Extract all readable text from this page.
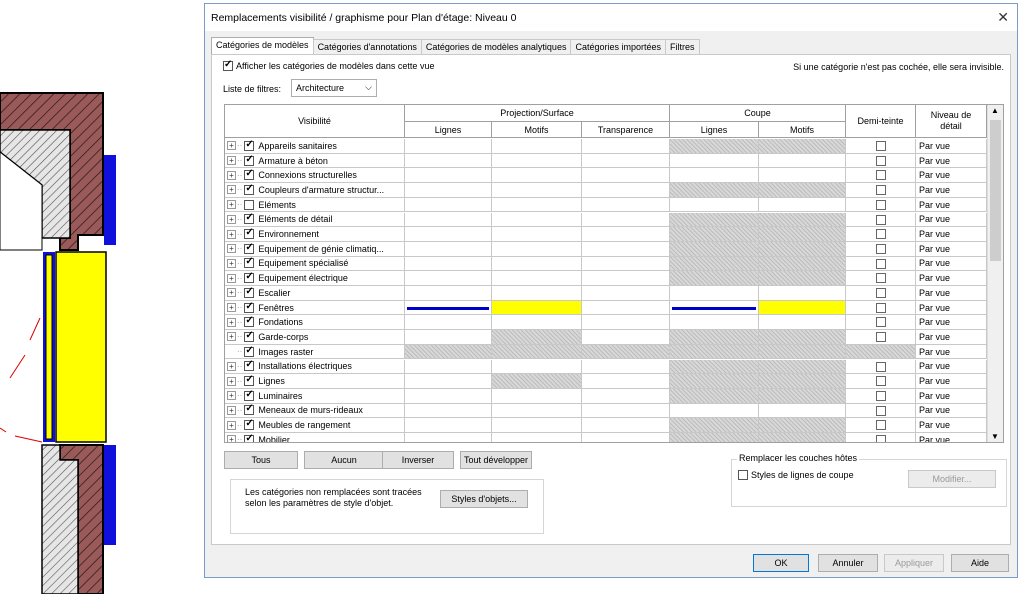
Remplacements visibilité / graphisme pour Plan d'étage: Niveau 0	✕
Catégories de modèles	Catégories d'annotations	Catégories de modèles analytiques	Catégories importées	Filtres
✓
Afficher les catégories de modèles dans cette vue	Si une catégorie n'est pas cochée, elle sera invisible.
Liste de filtres:	Architecture ⌵
Visibilité
Projection/Surface	Coupe
Demi-teinte
Niveau de détail
Lignes	Motifs	Transparence	Lignes	Motifs
+ ·· ✓ Appareils sanitaires	Par vue
+ ·· ✓ Armature à béton	Par vue
+ ·· ✓ Connexions structurelles	Par vue
+ ·· ✓ Coupleurs d'armature structur...	Par vue
+ ·· Eléments	Par vue
+ ·· ✓ Eléments de détail	Par vue
+ ·· ✓ Environnement	Par vue
+ ·· ✓ Equipement de génie climatiq...	Par vue
+ ·· ✓ Equipement spécialisé	Par vue
+ ·· ✓ Equipement électrique	Par vue
+ ·· ✓ Escalier	Par vue
+ ·· ✓ Fenêtres	Par vue
+ ·· ✓ Fondations	Par vue
+ ·· ✓ Garde-corps	Par vue
·· ✓ Images raster	Par vue
+ ·· ✓ Installations électriques	Par vue
+ ·· ✓ Lignes	Par vue
+ ·· ✓ Luminaires	Par vue
+ ·· ✓ Meneaux de murs-rideaux	Par vue
+ ·· ✓ Meubles de rangement	Par vue
+ ·· ✓ Mobilier	Par vue
▲
▼
Tous	Aucun	Inverser	Tout développer
Les catégories non remplacées sont tracées selon les paramètres de style d'objet.	Styles d'objets...
Remplacer les couches hôtes
Styles de lignes de coupe	Modifier...
OK	Annuler	Appliquer	Aide
